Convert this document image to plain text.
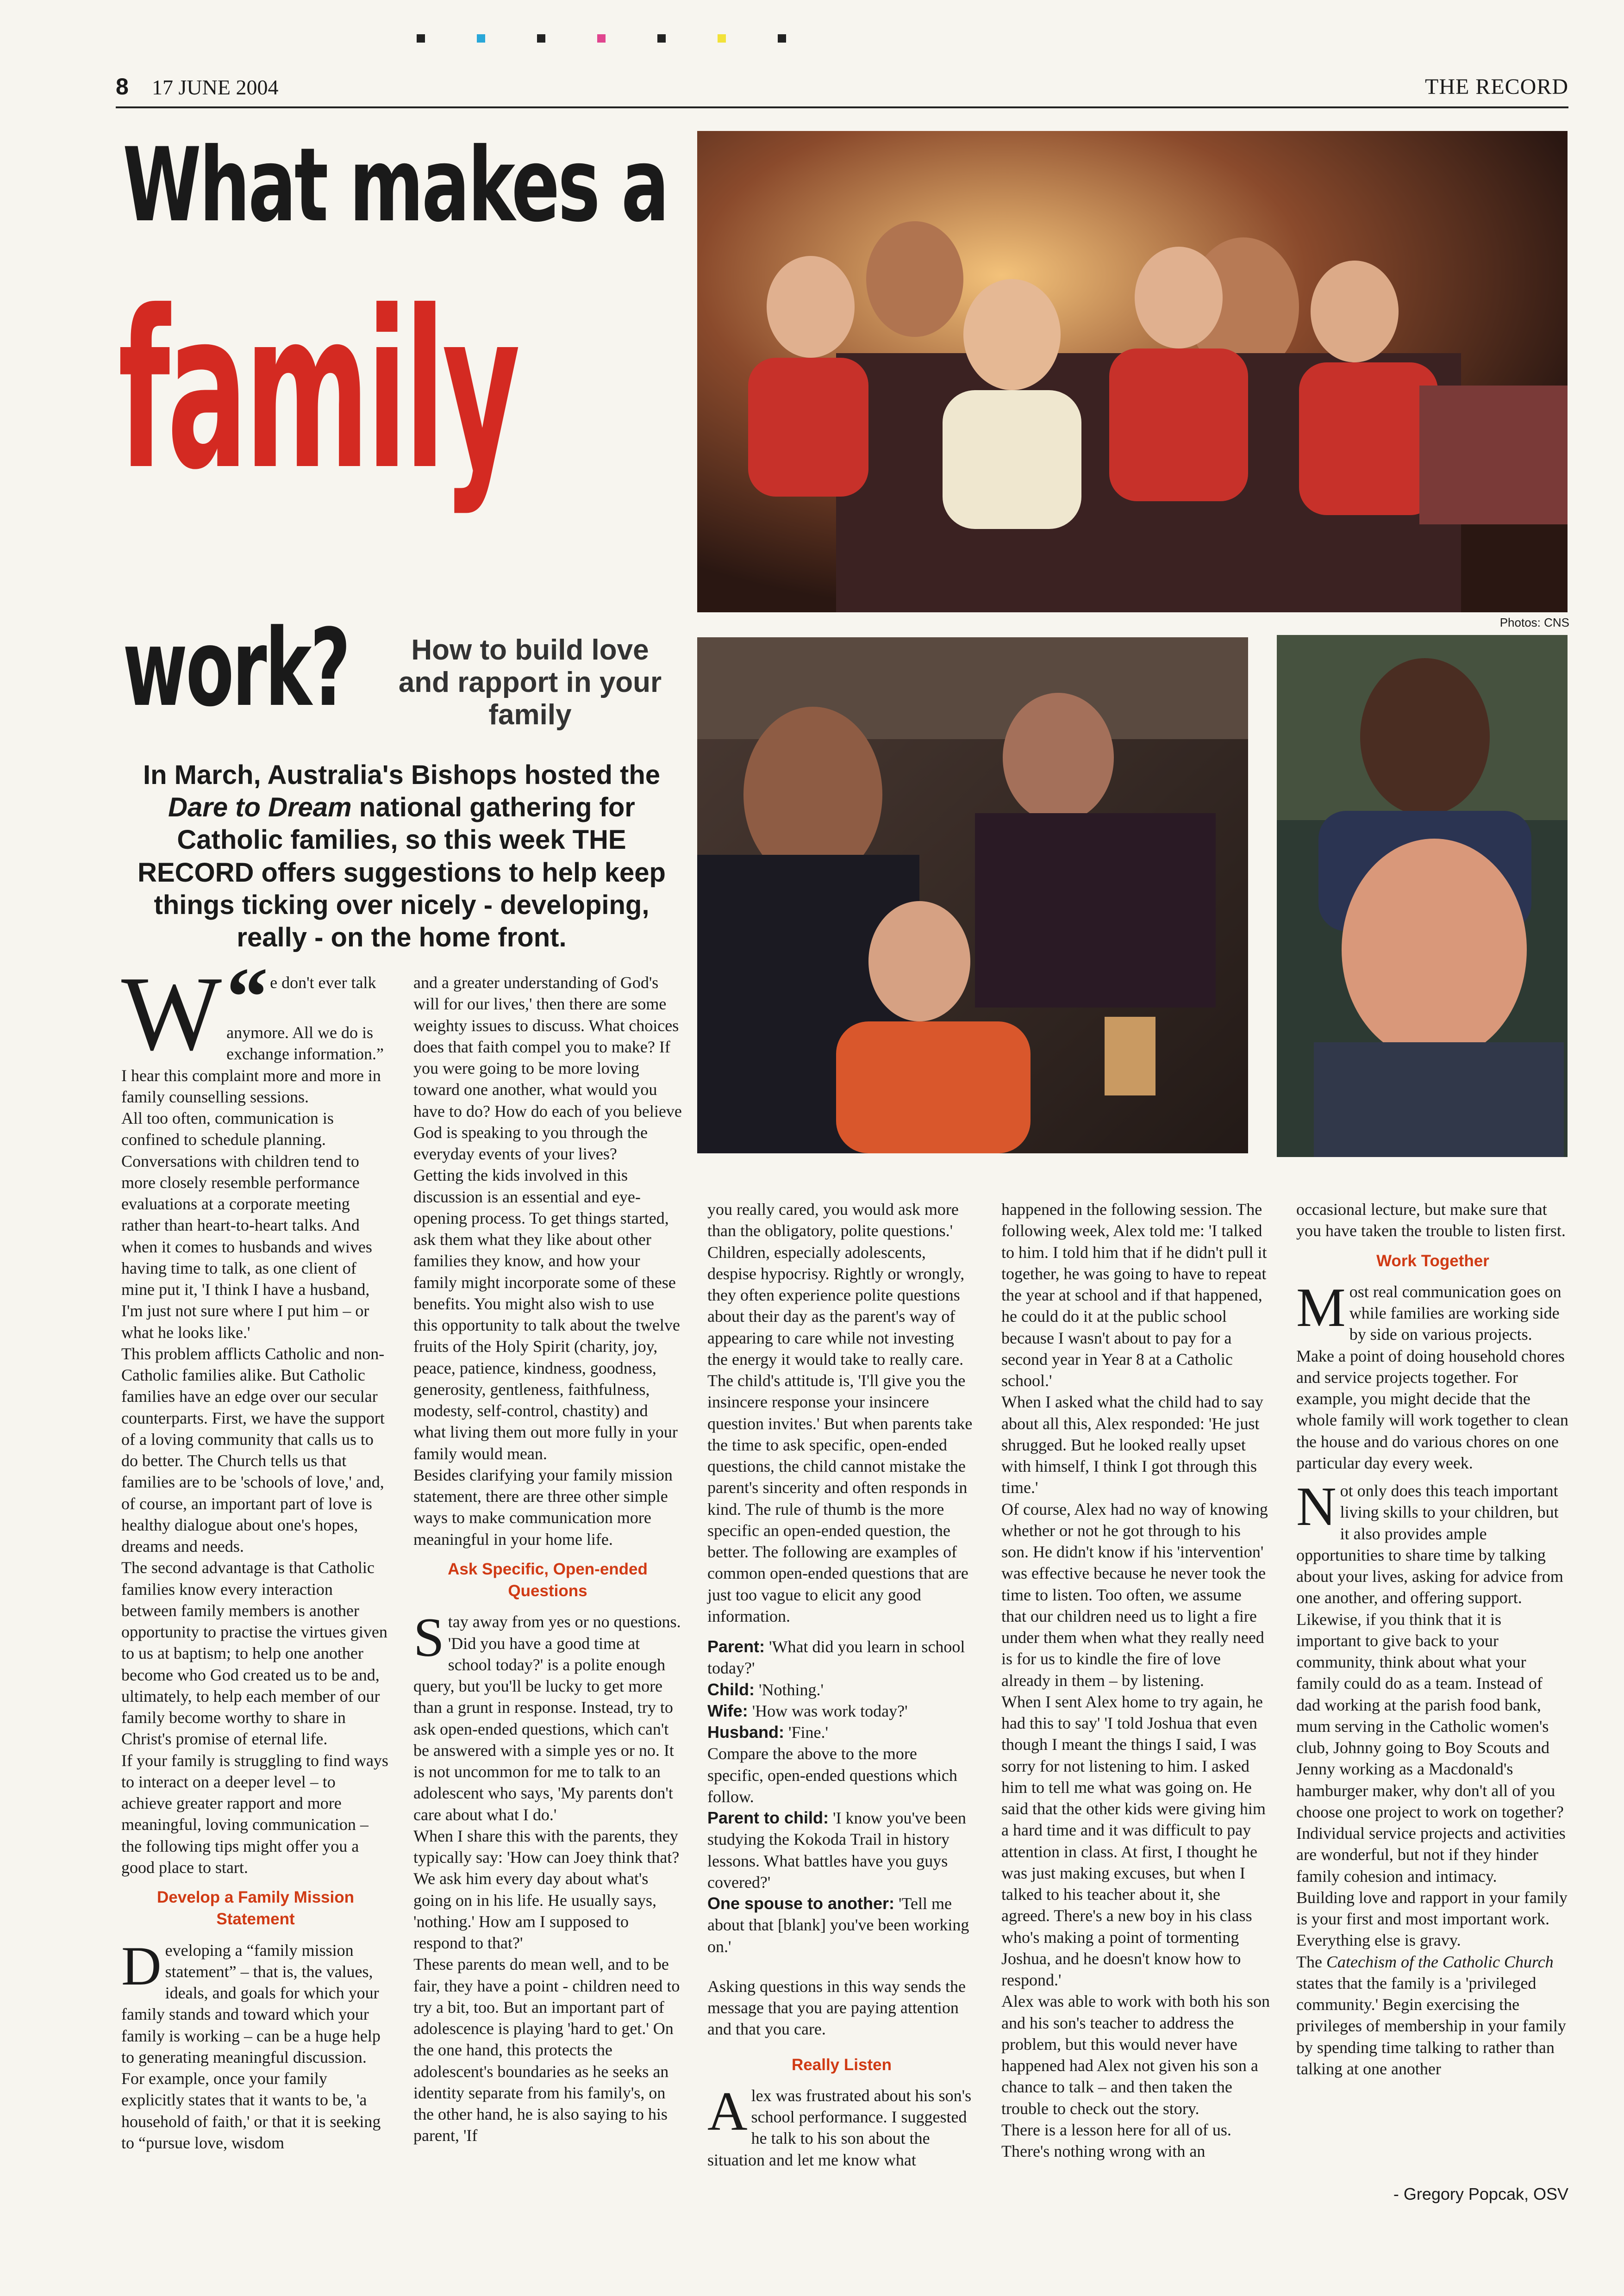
8 17 JUNE 2004	THE RECORD
What makes a
family
work?	How to build love and rapport in your family
In March, Australia's Bishops hosted the Dare to Dream national gathering for Catholic families, so this week THE RECORD offers suggestions to help keep things ticking over nicely - developing, really - on the home front.
Photos: CNS

“
W	e don't ever talk anymore. All we do is exchange information.” I hear this complaint more and more in family counselling sessions.

All too often, communication is confined to schedule planning. Conversations with children tend to more closely resemble performance evaluations at a corporate meeting rather than heart-to-heart talks. And when it comes to husbands and wives having time to talk, as one client of mine put it, 'I think I have a husband, I'm just not sure where I put him – or what he looks like.'

This problem afflicts Catholic and non-Catholic families alike. But Catholic families have an edge over our secular counterparts. First, we have the support of a loving community that calls us to do better. The Church tells us that families are to be 'schools of love,' and, of course, an important part of love is healthy dialogue about one's hopes, dreams and needs.

The second advantage is that Catholic families know every interaction between family members is another opportunity to practise the virtues given to us at baptism; to help one another become who God created us to be and, ultimately, to help each member of our family become worthy to share in Christ's promise of eternal life.

If your family is struggling to find ways to interact on a deeper level – to achieve greater rapport and more meaningful, loving communication – the following tips might offer you a good place to start.

Develop a Family Mission Statement

Developing a “family mission statement” – that is, the values, ideals, and goals for which your family stands and toward which your family is working – can be a huge help to generating meaningful discussion. For example, once your family explicitly states that it wants to be, 'a household of faith,' or that it is seeking to “pursue love, wisdom

and a greater understanding of God's will for our lives,' then there are some weighty issues to discuss. What choices does that faith compel you to make? If you were going to be more loving toward one another, what would you have to do? How do each of you believe God is speaking to you through the everyday events of your lives?

Getting the kids involved in this discussion is an essential and eye-opening process. To get things started, ask them what they like about other families they know, and how your family might incorporate some of these benefits. You might also wish to use this opportunity to talk about the twelve fruits of the Holy Spirit (charity, joy, peace, patience, kindness, goodness, generosity, gentleness, faithfulness, modesty, self-control, chastity) and what living them out more fully in your family would mean.

Besides clarifying your family mission statement, there are three other simple ways to make communication more meaningful in your home life.

Ask Specific, Open-ended Questions

Stay away from yes or no questions. 'Did you have a good time at school today?' is a polite enough query, but you'll be lucky to get more than a grunt in response. Instead, try to ask open-ended questions, which can't be answered with a simple yes or no. It is not uncommon for me to talk to an adolescent who says, 'My parents don't care about what I do.'

When I share this with the parents, they typically say: 'How can Joey think that? We ask him every day about what's going on in his life. He usually says, 'nothing.' How am I supposed to respond to that?'

These parents do mean well, and to be fair, they have a point - children need to try a bit, too. But an important part of adolescence is playing 'hard to get.' On the one hand, this protects the adolescent's boundaries as he seeks an identity separate from his family's, on the other hand, he is also saying to his parent, 'If

you really cared, you would ask more than the obligatory, polite questions.'

Children, especially adolescents, despise hypocrisy. Rightly or wrongly, they often experience polite questions about their day as the parent's way of appearing to care while not investing the energy it would take to really care. The child's attitude is, 'I'll give you the insincere response your insincere question invites.' But when parents take the time to ask specific, open-ended questions, the child cannot mistake the parent's sincerity and often responds in kind. The rule of thumb is the more specific an open-ended question, the better. The following are examples of common open-ended questions that are just too vague to elicit any good information.

Parent: 'What did you learn in school today?'

Child: 'Nothing.'

Wife: 'How was work today?'

Husband: 'Fine.'

Compare the above to the more specific, open-ended questions which follow.

Parent to child: 'I know you've been studying the Kokoda Trail in history lessons. What battles have you guys covered?'

One spouse to another: 'Tell me about that [blank] you've been working on.'

Asking questions in this way sends the message that you are paying attention and that you care.

Really Listen

Alex was frustrated about his son's school performance. I suggested he talk to his son about the situation and let me know what

happened in the following session. The following week, Alex told me: 'I talked to him. I told him that if he didn't pull it together, he was going to have to repeat the year at school and if that happened, he could do it at the public school because I wasn't about to pay for a second year in Year 8 at a Catholic school.'

When I asked what the child had to say about all this, Alex responded: 'He just shrugged. But he looked really upset with himself, I think I got through this time.'

Of course, Alex had no way of knowing whether or not he got through to his son. He didn't know if his 'intervention' was effective because he never took the time to listen. Too often, we assume that our children need us to light a fire under them when what they really need is for us to kindle the fire of love already in them – by listening.

When I sent Alex home to try again, he had this to say' 'I told Joshua that even though I meant the things I said, I was sorry for not listening to him. I asked him to tell me what was going on. He said that the other kids were giving him a hard time and it was difficult to pay attention in class. At first, I thought he was just making excuses, but when I talked to his teacher about it, she agreed. There's a new boy in his class who's making a point of tormenting Joshua, and he doesn't know how to respond.'

Alex was able to work with both his son and his son's teacher to address the problem, but this would never have happened had Alex not given his son a chance to talk – and then taken the trouble to check out the story.

There is a lesson here for all of us. There's nothing wrong with an

occasional lecture, but make sure that you have taken the trouble to listen first.

Work Together

Most real communication goes on while families are working side by side on various projects. Make a point of doing household chores and service projects together. For example, you might decide that the whole family will work together to clean the house and do various chores on one particular day every week.

Not only does this teach important living skills to your children, but it also provides ample opportunities to share time by talking about your lives, asking for advice from one another, and offering support.

Likewise, if you think that it is important to give back to your community, think about what your family could do as a team. Instead of dad working at the parish food bank, mum serving in the Catholic women's club, Johnny going to Boy Scouts and Jenny working as a Macdonald's hamburger maker, why don't all of you choose one project to work on together? Individual service projects and activities are wonderful, but not if they hinder family cohesion and intimacy.

Building love and rapport in your family is your first and most important work. Everything else is gravy.

The Catechism of the Catholic Church states that the family is a 'privileged community.' Begin exercising the privileges of membership in your family by spending time talking to rather than talking at one another

- Gregory Popcak, OSV
